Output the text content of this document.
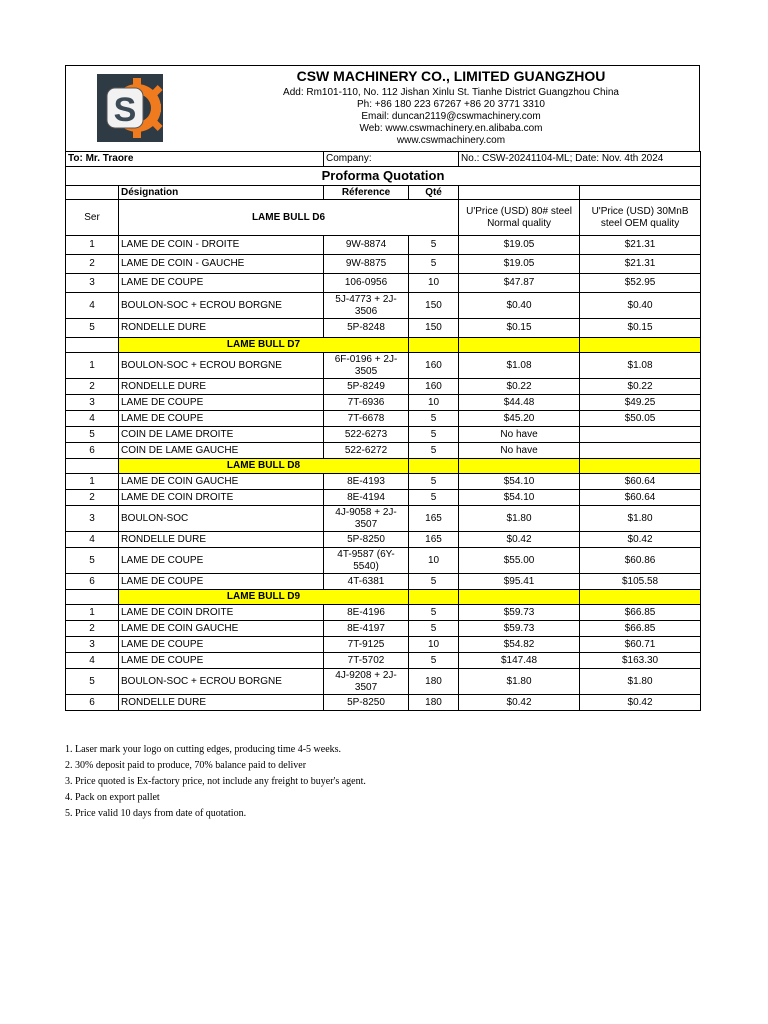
S
CSW MACHINERY CO., LIMITED GUANGZHOU
Add: Rm101-110, No. 112 Jishan Xinlu St. Tianhe District Guangzhou China
Ph: +86 180 223 67267 +86 20 3771 3310
Email: duncan2119@cswmachinery.com
Web: www.cswmachinery.en.alibaba.com
www.cswmachinery.com
To: Mr. Traore		Company:		No.: CSW-20241104-ML; Date: Nov. 4th 2024	
Proforma Quotation					
	Désignation	Réference	Qté		
Ser	LAME BULL D6			U'Price (USD) 80# steel Normal quality	U'Price (USD) 30MnB steel OEM quality
1	LAME DE COIN - DROITE	9W-8874	5	$19.05	$21.31
2	LAME DE COIN - GAUCHE	9W-8875	5	$19.05	$21.31
3	LAME DE COUPE	106-0956	10	$47.87	$52.95
4	BOULON-SOC + ECROU BORGNE	5J-4773 + 2J-3506	150	$0.40	$0.40
5	RONDELLE DURE	5P-8248	150	$0.15	$0.15
	LAME BULL D7				
1	BOULON-SOC + ECROU BORGNE	6F-0196 + 2J-3505	160	$1.08	$1.08
2	RONDELLE DURE	5P-8249	160	$0.22	$0.22
3	LAME DE COUPE	7T-6936	10	$44.48	$49.25
4	LAME DE COUPE	7T-6678	5	$45.20	$50.05
5	COIN DE LAME DROITE	522-6273	5	No have	
6	COIN DE LAME GAUCHE	522-6272	5	No have	
	LAME BULL D8				
1	LAME DE COIN GAUCHE	8E-4193	5	$54.10	$60.64
2	LAME DE COIN DROITE	8E-4194	5	$54.10	$60.64
3	BOULON-SOC	4J-9058 + 2J-3507	165	$1.80	$1.80
4	RONDELLE DURE	5P-8250	165	$0.42	$0.42
5	LAME DE COUPE	4T-9587 (6Y-5540)	10	$55.00	$60.86
6	LAME DE COUPE	4T-6381	5	$95.41	$105.58
	LAME BULL D9				
1	LAME DE COIN DROITE	8E-4196	5	$59.73	$66.85
2	LAME DE COIN GAUCHE	8E-4197	5	$59.73	$66.85
3	LAME DE COUPE	7T-9125	10	$54.82	$60.71
4	LAME DE COUPE	7T-5702	5	$147.48	$163.30
5	BOULON-SOC + ECROU BORGNE	4J-9208 + 2J-3507	180	$1.80	$1.80
6	RONDELLE DURE	5P-8250	180	$0.42	$0.42
1. Laser mark your logo on cutting edges, producing time 4-5 weeks.
2. 30% deposit paid to produce, 70% balance paid to deliver
3. Price quoted is Ex-factory price, not include any freight to buyer's agent.
4. Pack on export pallet
5. Price valid 10 days from date of quotation.
